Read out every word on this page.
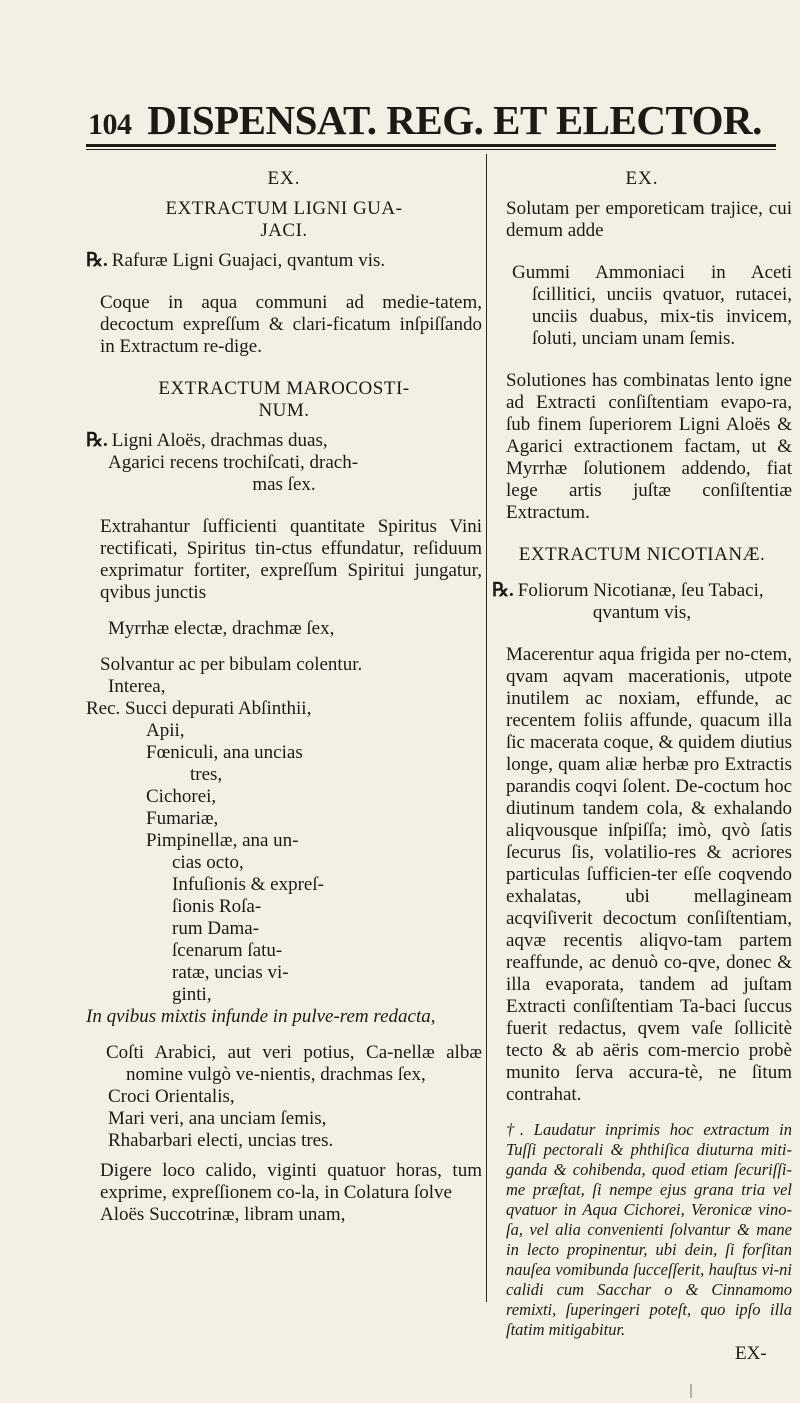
104 DISPENSAT. REG. ET ELECTOR.

EX.

EXTRACTUM LIGNI GUA-

JACI.

℞. Rafuræ Ligni Guajaci, qvantum vis.

Coque in aqua communi ad medie-tatem, decoctum expreſſum & clari-ficatum inſpiſſando in Extractum re-dige.

EXTRACTUM MAROCOSTI-

NUM.

℞. Ligni Aloës, drachmas duas,

Agarici recens trochiſcati, drach-

mas ſex.

Extrahantur ſufficienti quantitate Spiritus Vini rectificati, Spiritus tin-ctus effundatur, reſiduum exprimatur fortiter, expreſſum Spiritui jungatur, qvibus junctis

Myrrhæ electæ, drachmæ ſex,

Solvantur ac per bibulam colentur.

Interea,

Rec. Succi depurati Abſinthii,

Apii,

Fœniculi, ana uncias

tres,

Cichorei,

Fumariæ,

Pimpinellæ, ana un-

cias octo,

Infuſionis & expreſ-

ſionis Roſa-

rum Dama-

ſcenarum ſatu-

ratæ, uncias vi-

ginti,

In qvibus mixtis infunde in pulve-rem redacta,

Coſti Arabici, aut veri potius, Ca-nellæ albæ nomine vulgò ve-nientis, drachmas ſex,

Croci Orientalis,

Mari veri, ana unciam ſemis,

Rhabarbari electi, uncias tres.

Digere loco calido, viginti quatuor horas, tum exprime, expreſſionem co-la, in Colatura ſolve

Aloës Succotrinæ, libram unam,

EX.

Solutam per emporeticam trajice, cui demum adde

Gummi Ammoniaci in Aceti ſcillitici, unciis qvatuor, rutacei, unciis duabus, mix-tis invicem, ſoluti, unciam unam ſemis.

Solutiones has combinatas lento igne ad Extracti conſiſtentiam evapo-ra, ſub finem ſuperiorem Ligni Aloës & Agarici extractionem factam, ut & Myrrhæ ſolutionem addendo, fiat lege artis juſtæ conſiſtentiæ Extractum.

EXTRACTUM NICOTIANÆ.

℞. Foliorum Nicotianæ, ſeu Tabaci,

qvantum vis,

Macerentur aqua frigida per no-ctem, qvam aqvam macerationis, utpote inutilem ac noxiam, effunde, ac recentem foliis affunde, quacum illa ſic macerata coque, & quidem diutius longe, quam aliæ herbæ pro Extractis parandis coqvi ſolent. De-coctum hoc diutinum tandem cola, & exhalando aliqvousque inſpiſſa; imò, qvò ſatis ſecurus ſis, volatilio-res & acriores particulas ſufficien-ter eſſe coqvendo exhalatas, ubi mellagineam acqviſiverit decoctum conſiſtentiam, aqvæ recentis aliqvo-tam partem reaffunde, ac denuò co-qve, donec & illa evaporata, tandem ad juſtam Extracti conſiſtentiam Ta-baci ſuccus fuerit redactus, qvem vaſe ſollicitè tecto & ab aëris com-mercio probè munito ſerva accura-tè, ne ſitum contrahat.

†. Laudatur inprimis hoc extractum in Tuſſi pectorali & phthiſica diuturna miti-ganda & cohibenda, quod etiam ſecuriſſi-me præſtat, ſi nempe ejus grana tria vel qvatuor in Aqua Cichorei, Veronicæ vino-ſa, vel alia convenienti ſolvantur & mane in lecto propinentur, ubi dein, ſi forſitan nauſea vomibunda ſucceſſerit, hauſtus vi-ni calidi cum Sacchar o & Cinnamomo remixti, ſuperingeri poteſt, quo ipſo illa ſtatim mitigabitur.

EX-
